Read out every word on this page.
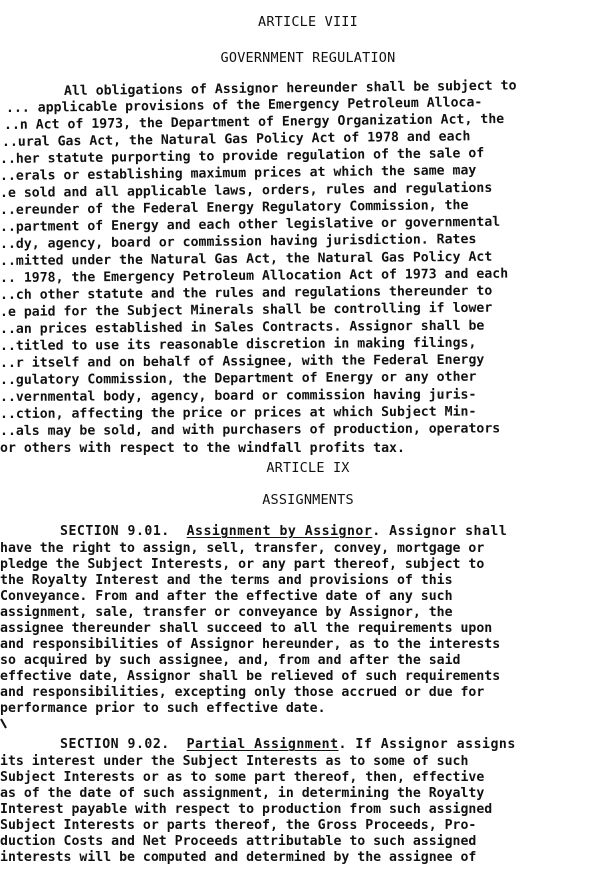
ARTICLE VIII
GOVERNMENT REGULATION
All obligations of Assignor hereunder shall be subject to
... applicable provisions of the Emergency Petroleum Alloca-
..n Act of 1973, the Department of Energy Organization Act, the
..ural Gas Act, the Natural Gas Policy Act of 1978 and each
..her statute purporting to provide regulation of the sale of
..erals or establishing maximum prices at which the same may
.e sold and all applicable laws, orders, rules and regulations
..ereunder of the Federal Energy Regulatory Commission, the
..partment of Energy and each other legislative or governmental
..dy, agency, board or commission having jurisdiction. Rates
..mitted under the Natural Gas Act, the Natural Gas Policy Act
.. 1978, the Emergency Petroleum Allocation Act of 1973 and each
..ch other statute and the rules and regulations thereunder to
.e paid for the Subject Minerals shall be controlling if lower
..an prices established in Sales Contracts. Assignor shall be
..titled to use its reasonable discretion in making filings,
..r itself and on behalf of Assignee, with the Federal Energy
..gulatory Commission, the Department of Energy or any other
..vernmental body, agency, board or commission having juris-
..ction, affecting the price or prices at which Subject Min-
..als may be sold, and with purchasers of production, operators
or others with respect to the windfall profits tax.
ARTICLE IX
ASSIGNMENTS
SECTION 9.01. Assignment by Assignor. Assignor shall
have the right to assign, sell, transfer, convey, mortgage or
pledge the Subject Interests, or any part thereof, subject to
the Royalty Interest and the terms and provisions of this
Conveyance. From and after the effective date of any such
assignment, sale, transfer or conveyance by Assignor, the
assignee thereunder shall succeed to all the requirements upon
and responsibilities of Assignor hereunder, as to the interests
so acquired by such assignee, and, from and after the said
effective date, Assignor shall be relieved of such requirements
and responsibilities, excepting only those accrued or due for
performance prior to such effective date.
SECTION 9.02. Partial Assignment. If Assignor assigns
its interest under the Subject Interests as to some of such
Subject Interests or as to some part thereof, then, effective
as of the date of such assignment, in determining the Royalty
Interest payable with respect to production from such assigned
Subject Interests or parts thereof, the Gross Proceeds, Pro-
duction Costs and Net Proceeds attributable to such assigned
interests will be computed and determined by the assignee of
